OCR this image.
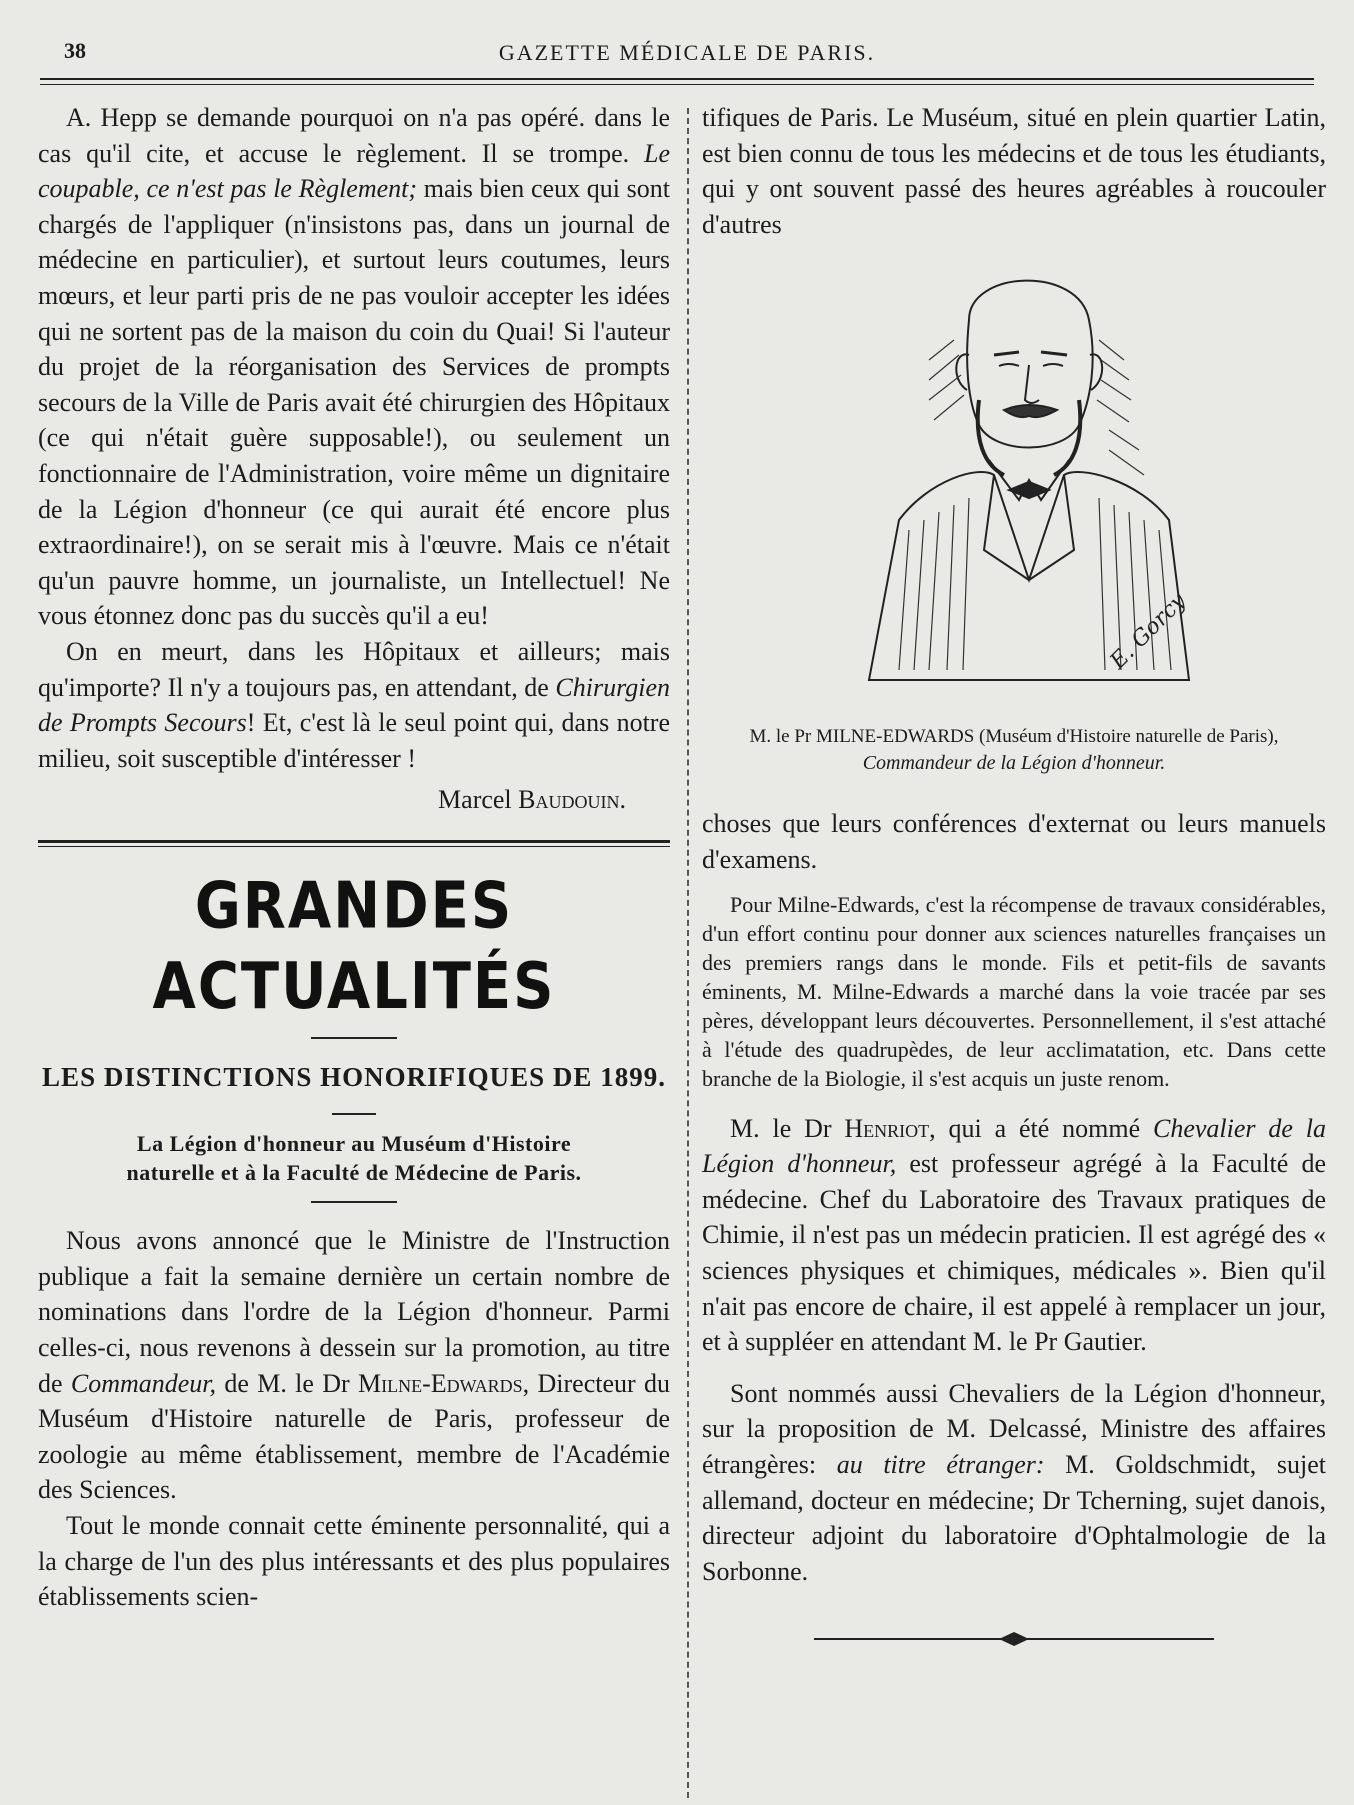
38	GAZETTE MÉDICALE DE PARIS.

A. Hepp se demande pourquoi on n'a pas opéré. dans le cas qu'il cite, et accuse le règlement. Il se trompe. Le coupable, ce n'est pas le Règlement; mais bien ceux qui sont chargés de l'appliquer (n'insistons pas, dans un journal de médecine en particulier), et surtout leurs coutumes, leurs mœurs, et leur parti pris de ne pas vouloir accepter les idées qui ne sortent pas de la maison du coin du Quai! Si l'auteur du projet de la réorganisation des Services de prompts secours de la Ville de Paris avait été chirurgien des Hôpitaux (ce qui n'était guère supposable!), ou seulement un fonctionnaire de l'Administration, voire même un dignitaire de la Légion d'honneur (ce qui aurait été encore plus extraordinaire!), on se serait mis à l'œuvre. Mais ce n'était qu'un pauvre homme, un journaliste, un Intellectuel! Ne vous étonnez donc pas du succès qu'il a eu!

On en meurt, dans les Hôpitaux et ailleurs; mais qu'importe? Il n'y a toujours pas, en attendant, de Chirurgien de Prompts Secours! Et, c'est là le seul point qui, dans notre milieu, soit susceptible d'intéresser !

Marcel Baudouin.
GRANDES ACTUALITÉS
LES DISTINCTIONS HONORIFIQUES DE 1899.
La Légion d'honneur au Muséum d'Histoire
naturelle et à la Faculté de Médecine de Paris.

Nous avons annoncé que le Ministre de l'Instruction publique a fait la semaine dernière un certain nombre de nominations dans l'ordre de la Légion d'honneur. Parmi celles-ci, nous revenons à dessein sur la promotion, au titre de Commandeur, de M. le Dr Milne-Edwards, Directeur du Muséum d'Histoire naturelle de Paris, professeur de zoologie au même établissement, membre de l'Académie des Sciences.

Tout le monde connait cette éminente personnalité, qui a la charge de l'un des plus intéressants et des plus populaires établissements scien-

tifiques de Paris. Le Muséum, situé en plein quartier Latin, est bien connu de tous les médecins et de tous les étudiants, qui y ont souvent passé des heures agréables à roucouler d'autres

E. Gorcy

M. le Pr MILNE-EDWARDS (Muséum d'Histoire naturelle de Paris),

Commandeur de la Légion d'honneur.

choses que leurs conférences d'externat ou leurs manuels d'examens.

Pour Milne-Edwards, c'est la récompense de travaux considérables, d'un effort continu pour donner aux sciences naturelles françaises un des premiers rangs dans le monde. Fils et petit-fils de savants éminents, M. Milne-Edwards a marché dans la voie tracée par ses pères, développant leurs découvertes. Personnellement, il s'est attaché à l'étude des quadrupèdes, de leur acclimatation, etc. Dans cette branche de la Biologie, il s'est acquis un juste renom.

M. le Dr Henriot, qui a été nommé Chevalier de la Légion d'honneur, est professeur agrégé à la Faculté de médecine. Chef du Laboratoire des Travaux pratiques de Chimie, il n'est pas un médecin praticien. Il est agrégé des « sciences physiques et chimiques, médicales ». Bien qu'il n'ait pas encore de chaire, il est appelé à remplacer un jour, et à suppléer en attendant M. le Pr Gautier.

Sont nommés aussi Chevaliers de la Légion d'honneur, sur la proposition de M. Delcassé, Ministre des affaires étrangères: au titre étranger: M. Goldschmidt, sujet allemand, docteur en médecine; Dr Tcherning, sujet danois, directeur adjoint du laboratoire d'Ophtalmologie de la Sorbonne.
